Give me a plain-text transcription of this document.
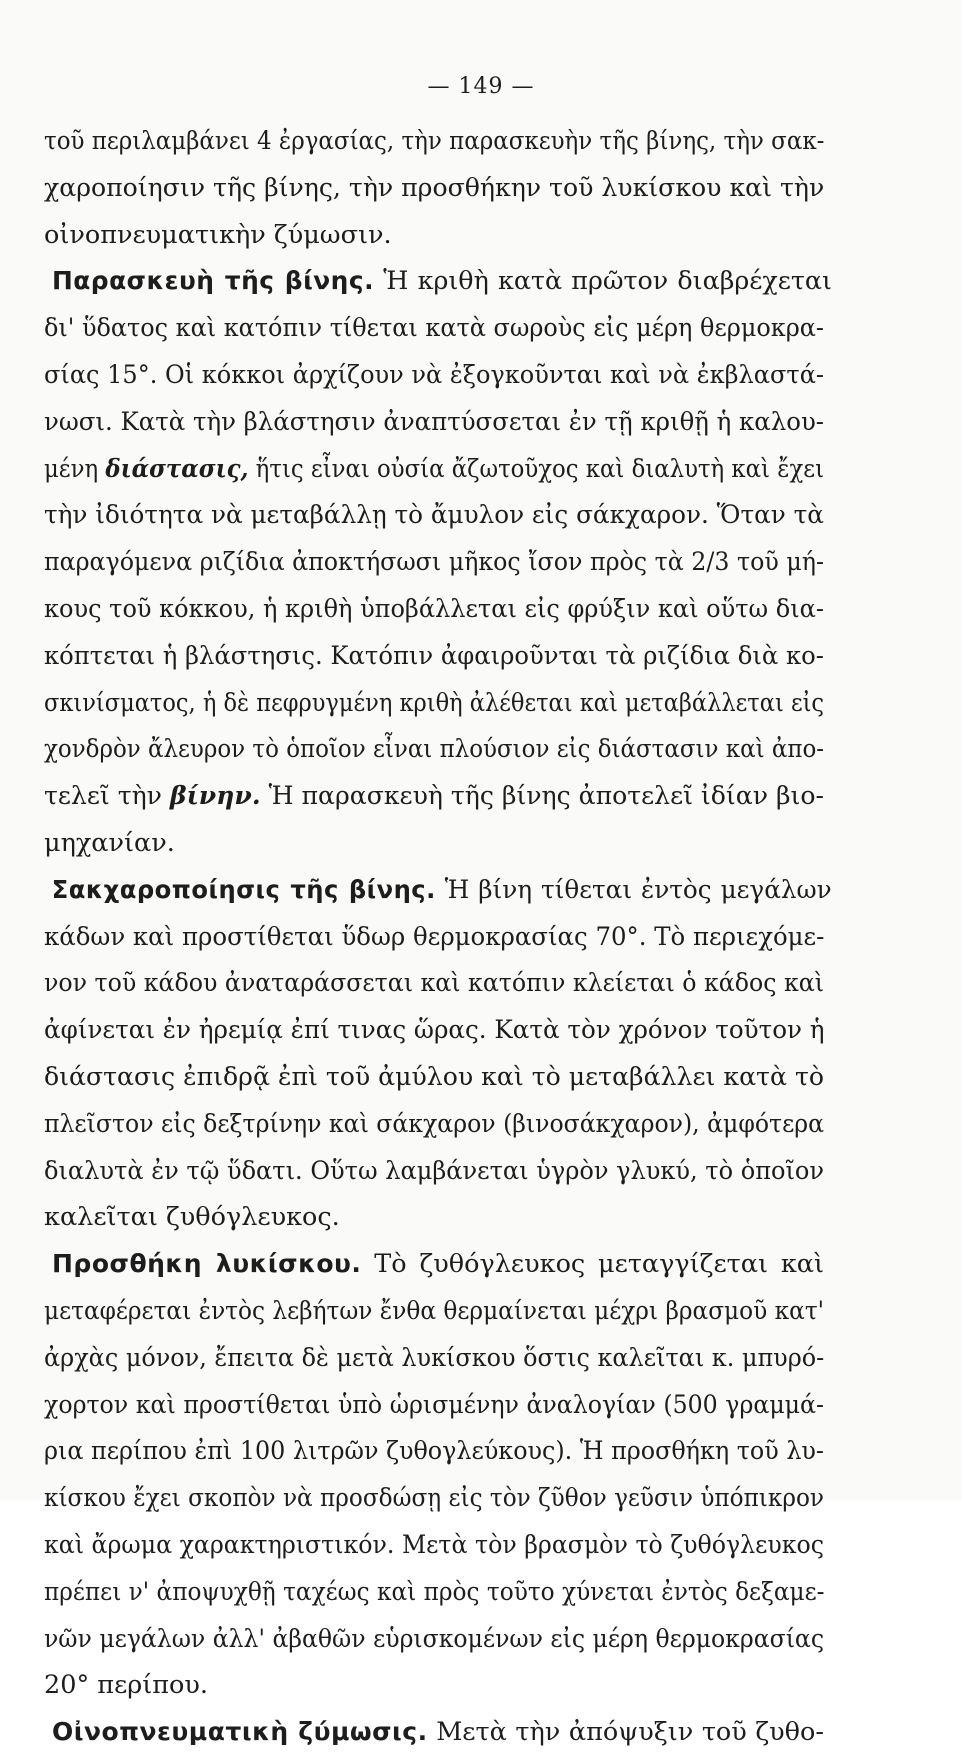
— 149 —
τοῦ περιλαμβάνει 4 ἐργασίας, τὴν παρασκευὴν τῆς βίνης, τὴν σακ-
χαροποίησιν τῆς βίνης, τὴν προσθήκην τοῦ λυκίσκου καὶ τὴν
οἰνοπνευματικὴν ζύμωσιν.
Παρασκευὴ τῆς βίνης. Ἡ κριθὴ κατὰ πρῶτον διαβρέχεται
δι' ὕδατος καὶ κατόπιν τίθεται κατὰ σωροὺς εἰς μέρη θερμοκρα-
σίας 15°. Οἱ κόκκοι ἀρχίζουν νὰ ἐξογκοῦνται καὶ νὰ ἐκβλαστά-
νωσι. Κατὰ τὴν βλάστησιν ἀναπτύσσεται ἐν τῇ κριθῇ ἡ καλου-
μένη διάστασις, ἥτις εἶναι οὐσία ἄζωτοῦχος καὶ διαλυτὴ καὶ ἔχει
τὴν ἰδιότητα νὰ μεταβάλλῃ τὸ ἄμυλον εἰς σάκχαρον. Ὅταν τὰ
παραγόμενα ριζίδια ἀποκτήσωσι μῆκος ἴσον πρὸς τὰ 2/3 τοῦ μή-
κους τοῦ κόκκου, ἡ κριθὴ ὑποβάλλεται εἰς φρύξιν καὶ οὕτω δια-
κόπτεται ἡ βλάστησις. Κατόπιν ἀφαιροῦνται τὰ ριζίδια διὰ κο-
σκινίσματος, ἡ δὲ πεφρυγμένη κριθὴ ἀλέθεται καὶ μεταβάλλεται εἰς
χονδρὸν ἄλευρον τὸ ὁποῖον εἶναι πλούσιον εἰς διάστασιν καὶ ἀπο-
τελεῖ τὴν βίνην. Ἡ παρασκευὴ τῆς βίνης ἀποτελεῖ ἰδίαν βιο-
μηχανίαν.
Σακχαροποίησις τῆς βίνης. Ἡ βίνη τίθεται ἐντὸς μεγάλων
κάδων καὶ προστίθεται ὕδωρ θερμοκρασίας 70°. Τὸ περιεχόμε-
νον τοῦ κάδου ἀναταράσσεται καὶ κατόπιν κλείεται ὁ κάδος καὶ
ἀφίνεται ἐν ἠρεμίᾳ ἐπί τινας ὥρας. Κατὰ τὸν χρόνον τοῦτον ἡ
διάστασις ἐπιδρᾷ ἐπὶ τοῦ ἀμύλου καὶ τὸ μεταβάλλει κατὰ τὸ
πλεῖστον εἰς δεξτρίνην καὶ σάκχαρον (βινοσάκχαρον), ἀμφότερα
διαλυτὰ ἐν τῷ ὕδατι. Οὕτω λαμβάνεται ὑγρὸν γλυκύ, τὸ ὁποῖον
καλεῖται ζυθόγλευκος.
Προσθήκη λυκίσκου. Τὸ ζυθόγλευκος μεταγγίζεται καὶ
μεταφέρεται ἐντὸς λεβήτων ἔνθα θερμαίνεται μέχρι βρασμοῦ κατ'
ἀρχὰς μόνον, ἔπειτα δὲ μετὰ λυκίσκου ὅστις καλεῖται κ. μπυρό-
χορτον καὶ προστίθεται ὑπὸ ὡρισμένην ἀναλογίαν (500 γραμμά-
ρια περίπου ἐπὶ 100 λιτρῶν ζυθογλεύκους). Ἡ προσθήκη τοῦ λυ-
κίσκου ἔχει σκοπὸν νὰ προσδώσῃ εἰς τὸν ζῦθον γεῦσιν ὑπόπικρον
καὶ ἄρωμα χαρακτηριστικόν. Μετὰ τὸν βρασμὸν τὸ ζυθόγλευκος
πρέπει ν' ἀποψυχθῇ ταχέως καὶ πρὸς τοῦτο χύνεται ἐντὸς δεξαμε-
νῶν μεγάλων ἀλλ' ἀβαθῶν εὑρισκομένων εἰς μέρη θερμοκρασίας
20° περίπου.
Οἰνοπνευματικὴ ζύμωσις. Μετὰ τὴν ἀπόψυξιν τοῦ ζυθο-
